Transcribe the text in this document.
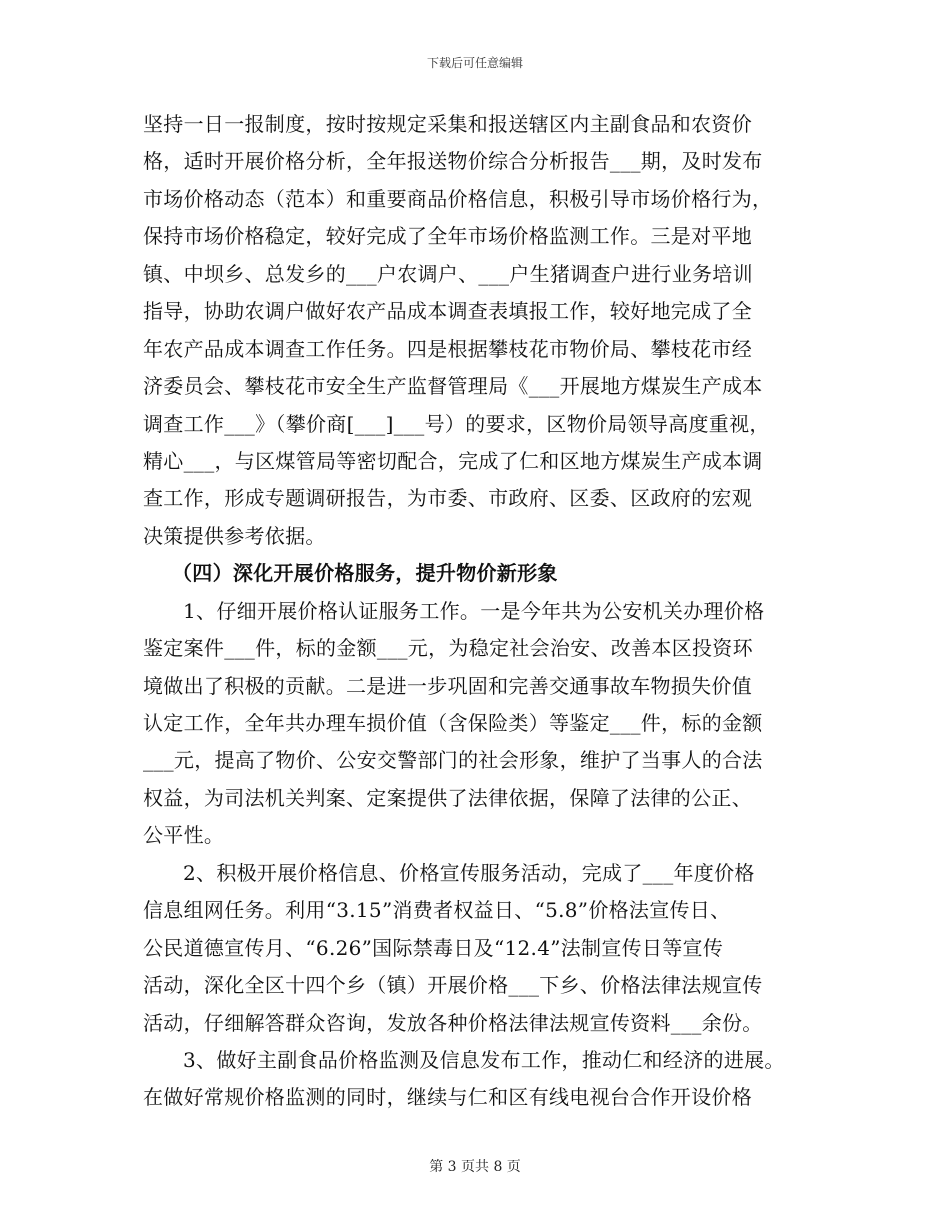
下载后可任意编辑
坚持一日一报制度，按时按规定采集和报送辖区内主副食品和农资价
格，适时开展价格分析，全年报送物价综合分析报告___期，及时发布
市场价格动态（范本）和重要商品价格信息，积极引导市场价格行为，
保持市场价格稳定，较好完成了全年市场价格监测工作。三是对平地
镇、中坝乡、总发乡的___户农调户、___户生猪调查户进行业务培训
指导，协助农调户做好农产品成本调查表填报工作，较好地完成了全
年农产品成本调查工作任务。四是根据攀枝花市物价局、攀枝花市经
济委员会、攀枝花市安全生产监督管理局《___开展地方煤炭生产成本
调查工作___》（攀价商[___]___号）的要求，区物价局领导高度重视，
精心___，与区煤管局等密切配合，完成了仁和区地方煤炭生产成本调
查工作，形成专题调研报告，为市委、市政府、区委、区政府的宏观
决策提供参考依据。
（四）深化开展价格服务，提升物价新形象
1、仔细开展价格认证服务工作。一是今年共为公安机关办理价格
鉴定案件___件，标的金额___元，为稳定社会治安、改善本区投资环
境做出了积极的贡献。二是进一步巩固和完善交通事故车物损失价值
认定工作，全年共办理车损价值（含保险类）等鉴定___件，标的金额
___元，提高了物价、公安交警部门的社会形象，维护了当事人的合法
权益，为司法机关判案、定案提供了法律依据，保障了法律的公正、
公平性。
2、积极开展价格信息、价格宣传服务活动，完成了___年度价格
信息组网任务。利用“3.15”消费者权益日、“5.8”价格法宣传日、
公民道德宣传月、“6.26”国际禁毒日及“12.4”法制宣传日等宣传
活动，深化全区十四个乡（镇）开展价格___下乡、价格法律法规宣传
活动，仔细解答群众咨询，发放各种价格法律法规宣传资料___余份。
3、做好主副食品价格监测及信息发布工作，推动仁和经济的进展。
在做好常规价格监测的同时，继续与仁和区有线电视台合作开设价格
第 3 页共 8 页
